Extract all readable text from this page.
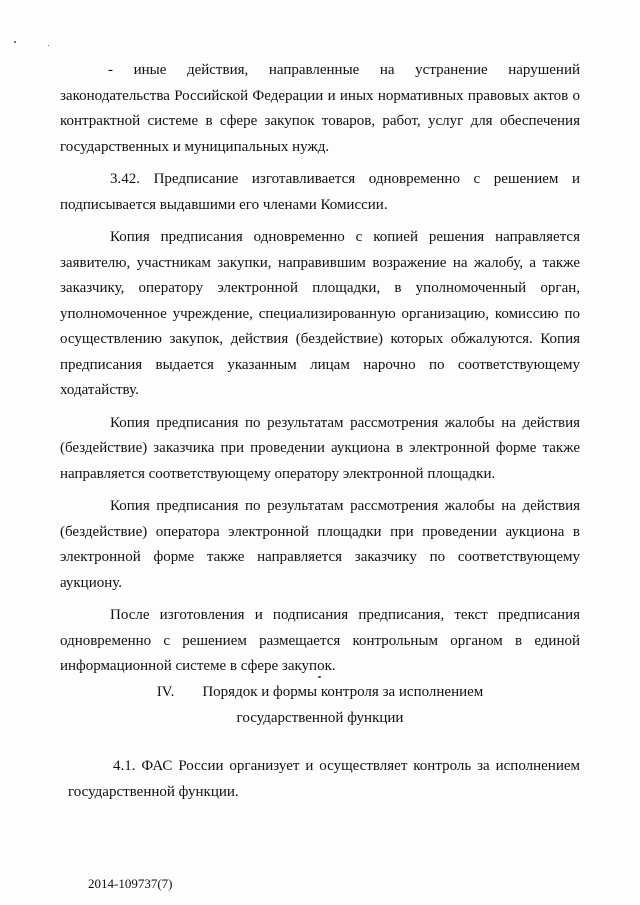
- иные действия, направленные на устранение нарушений законодательства Российской Федерации и иных нормативных правовых актов о контрактной системе в сфере закупок товаров, работ, услуг для обеспечения государственных и муниципальных нужд.

3.42. Предписание изготавливается одновременно с решением и подписывается выдавшими его членами Комиссии.

Копия предписания одновременно с копией решения направляется заявителю, участникам закупки, направившим возражение на жалобу, а также заказчику, оператору электронной площадки, в уполномоченный орган, уполномоченное учреждение, специализированную организацию, комиссию по осуществлению закупок, действия (бездействие) которых обжалуются. Копия предписания выдается указанным лицам нарочно по соответствующему ходатайству.

Копия предписания по результатам рассмотрения жалобы на действия (бездействие) заказчика при проведении аукциона в электронной форме также направляется соответствующему оператору электронной площадки.

Копия предписания по результатам рассмотрения жалобы на действия (бездействие) оператора электронной площадки при проведении аукциона в электронной форме также направляется заказчику по соответствующему аукциону.

После изготовления и подписания предписания, текст предписания одновременно с решением размещается контрольным органом в единой информационной системе в сфере закупок.

IV. Порядок и формы контроля за исполнением
государственной функции
4.1. ФАС России организует и осуществляет контроль за исполнением государственной функции.
2014-109737(7)
